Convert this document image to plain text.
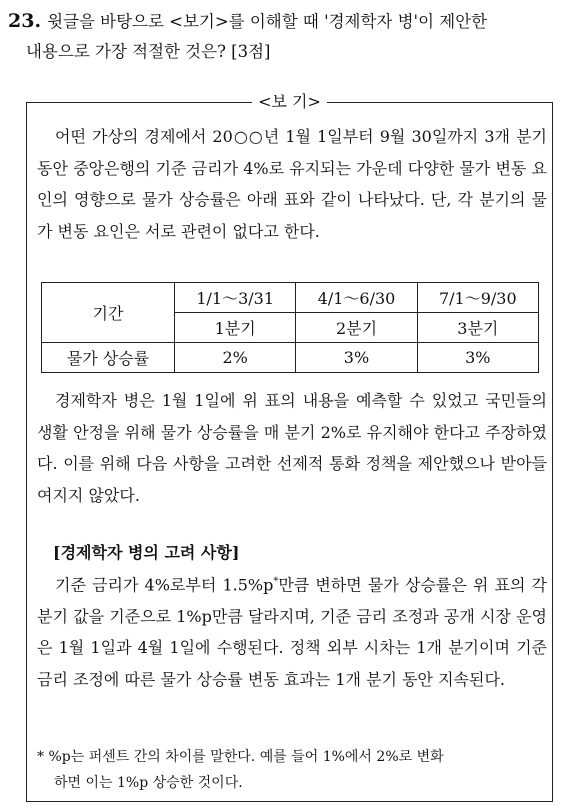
23. 윗글을 바탕으로 <보기>를 이해할 때 '경제학자 병'이 제안한
내용으로 가장 적절한 것은? [3점]
<보 기>

어떤 가상의 경제에서 20○○년 1월 1일부터 9월 30일까지 3개 분기 동안 중앙은행의 기준 금리가 4%로 유지되는 가운데 다양한 물가 변동 요인의 영향으로 물가 상승률은 아래 표와 같이 나타났다. 단, 각 분기의 물가 변동 요인은 서로 관련이 없다고 한다.

기간	1/1～3/31	4/1～6/30	7/1～9/30
	1분기	2분기	3분기
물가 상승률	2%	3%	3%

경제학자 병은 1월 1일에 위 표의 내용을 예측할 수 있었고 국민들의 생활 안정을 위해 물가 상승률을 매 분기 2%로 유지해야 한다고 주장하였다. 이를 위해 다음 사항을 고려한 선제적 통화 정책을 제안했으나 받아들여지지 않았다.

[경제학자 병의 고려 사항]

기준 금리가 4%로부터 1.5%p*만큼 변하면 물가 상승률은 위 표의 각 분기 값을 기준으로 1%p만큼 달라지며, 기준 금리 조정과 공개 시장 운영은 1월 1일과 4월 1일에 수행된다. 정책 외부 시차는 1개 분기이며 기준 금리 조정에 따른 물가 상승률 변동 효과는 1개 분기 동안 지속된다.

* %p는 퍼센트 간의 차이를 말한다. 예를 들어 1%에서 2%로 변화
하면 이는 1%p 상승한 것이다.
